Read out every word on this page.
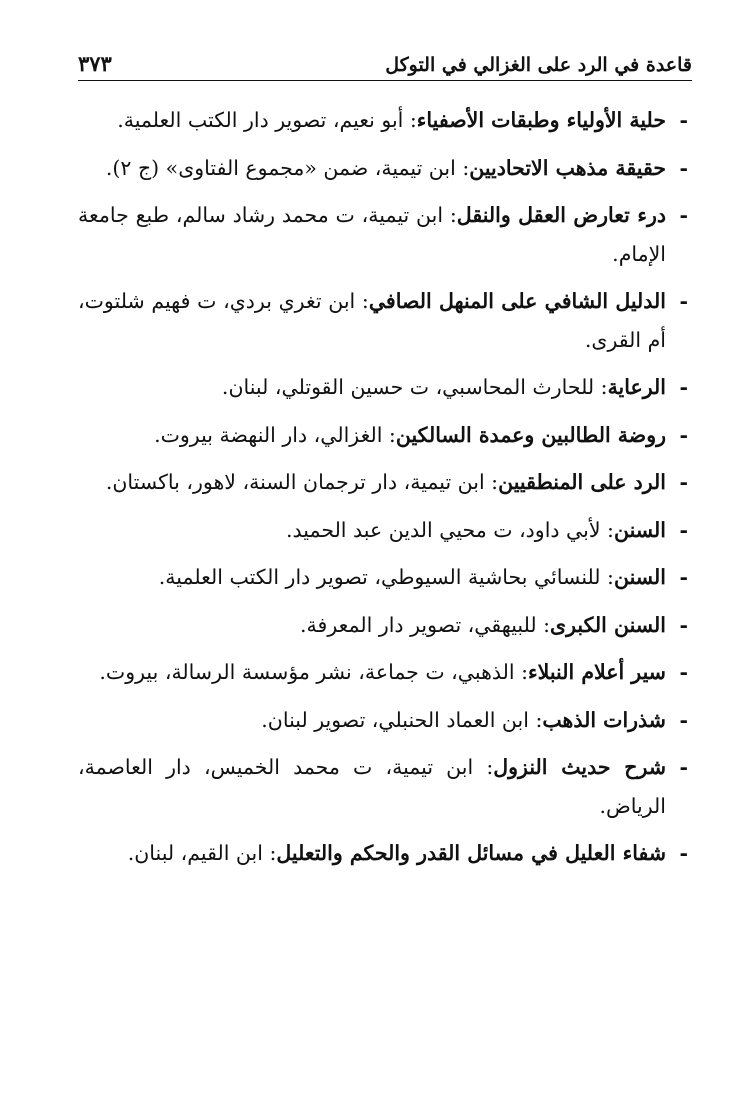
قاعدة في الرد على الغزالي في التوكل
٣٧٣
- حلية الأولياء وطبقات الأصفياء: أبو نعيم، تصوير دار الكتب العلمية.
- حقيقة مذهب الاتحاديين: ابن تيمية، ضمن «مجموع الفتاوى» (ج ٢).
- درء تعارض العقل والنقل: ابن تيمية، ت محمد رشاد سالم، طبع جامعة الإمام.
- الدليل الشافي على المنهل الصافي: ابن تغري بردي، ت فهيم شلتوت، أم القرى.
- الرعاية: للحارث المحاسبي، ت حسين القوتلي، لبنان.
- روضة الطالبين وعمدة السالكين: الغزالي، دار النهضة بيروت.
- الرد على المنطقيين: ابن تيمية، دار ترجمان السنة، لاهور، باكستان.
- السنن: لأبي داود، ت محيي الدين عبد الحميد.
- السنن: للنسائي بحاشية السيوطي، تصوير دار الكتب العلمية.
- السنن الكبرى: للبيهقي، تصوير دار المعرفة.
- سير أعلام النبلاء: الذهبي، ت جماعة، نشر مؤسسة الرسالة، بيروت.
- شذرات الذهب: ابن العماد الحنبلي، تصوير لبنان.
- شرح حديث النزول: ابن تيمية، ت محمد الخميس، دار العاصمة، الرياض.
- شفاء العليل في مسائل القدر والحكم والتعليل: ابن القيم، لبنان.
